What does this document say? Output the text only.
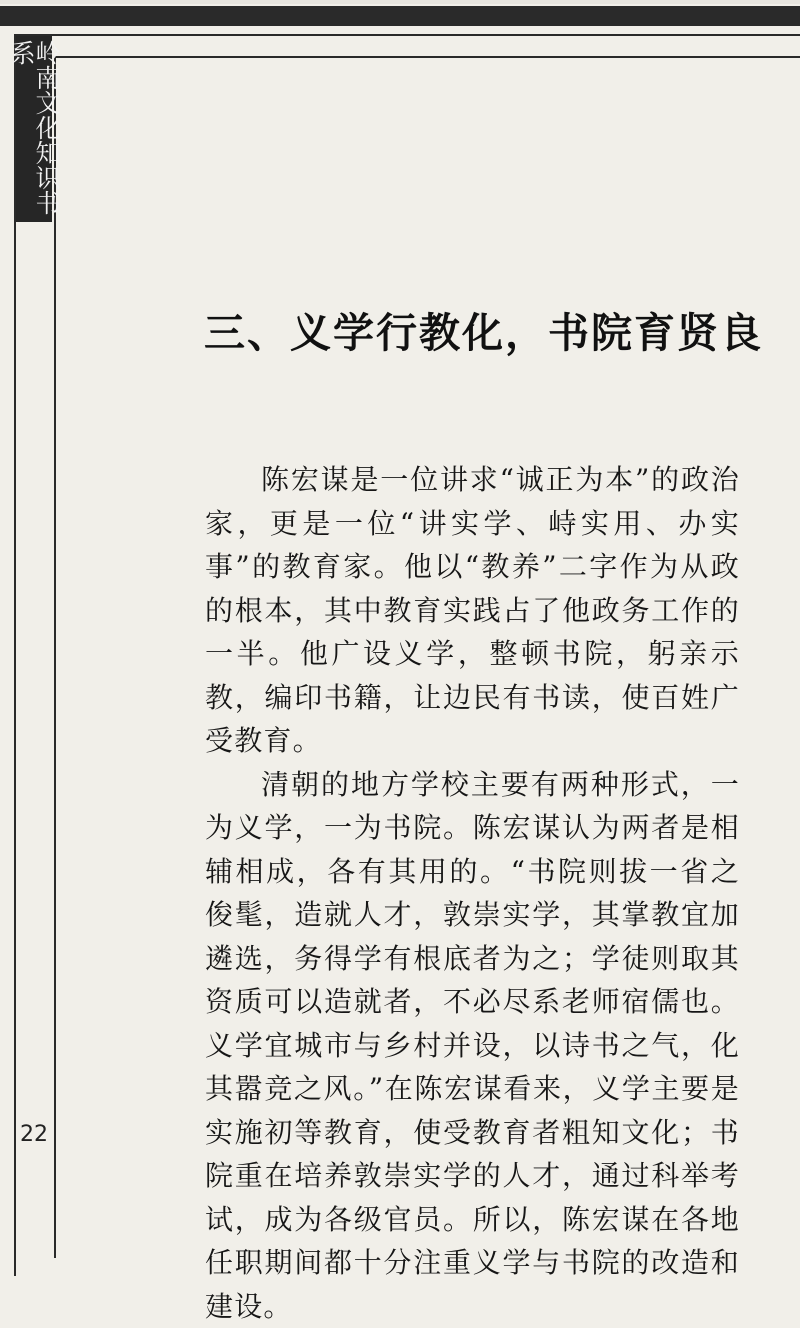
岭南文化知识书系
三、义学行教化，书院育贤良

陈宏谋是一位讲求“诚正为本”的政治家，更是一位“讲实学、峙实用、办实事”的教育家。他以“教养”二字作为从政的根本，其中教育实践占了他政务工作的一半。他广设义学，整顿书院，躬亲示教，编印书籍，让边民有书读，使百姓广受教育。

清朝的地方学校主要有两种形式，一为义学，一为书院。陈宏谋认为两者是相辅相成，各有其用的。“书院则拔一省之俊髦，造就人才，敦崇实学，其掌教宜加遴选，务得学有根底者为之；学徒则取其资质可以造就者，不必尽系老师宿儒也。义学宜城市与乡村并设，以诗书之气，化其嚣竞之风。”在陈宏谋看来，义学主要是实施初等教育，使受教育者粗知文化；书院重在培养敦崇实学的人才，通过科举考试，成为各级官员。所以，陈宏谋在各地任职期间都十分注重义学与书院的改造和建设。

22
